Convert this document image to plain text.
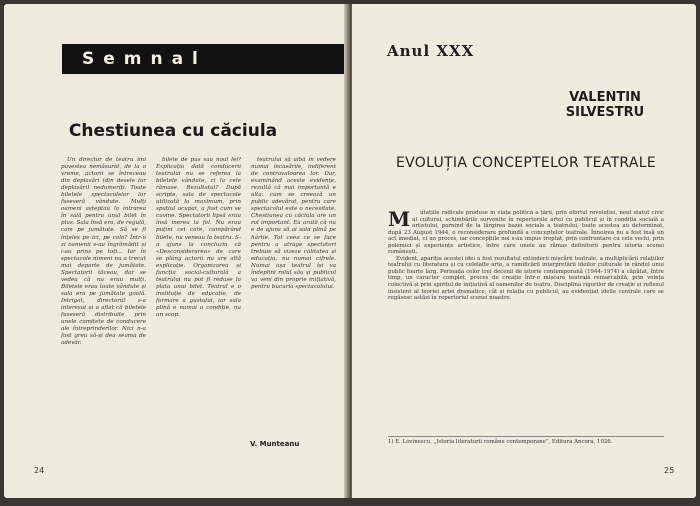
Semnal
Chestiunea cu căciula

Un director de teatru îmi povestea nemăsurat, de la o vreme, actorii se întreceau din deplasări (din desele lor deplasări) nedumeriți. Toate biletele spectacolelor lor fuseseră vândute. Mulți oameni așteptau la intrarea în sală pentru unul bilet în plus. Sala însă era, de regulă, cam pe jumătate. Să se fi înțeles pe ici, pe colo? Într-o zi oamenii s-au îngrămădit și i-au prins pe toți... Iar în spectacole nimeni nu a trecut mai departe de jumătate. Spectatorii tăceau, dar se vedea că nu erau mulți. Biletele erau toate vândute și sala era pe jumătate goală. Intrigat, directorul s-a interesat și a aflat că biletele fuseseră distribuite prin unele comitete de conducere ale întreprinderilor. Nici n-a fost greu să-și dea seama de adevăr.

bilete de pus sau noul lei? Explicația dată conducerii teatrului nu se referea la biletele vândute, ci la cele rămase. Rezultatul? După scripte, sala de spectacole utilizată la maximum, prin spațiul ocupat, a fost cum se cuvine. Spectatorii lipsă erau însă mereu la fel. Nu erau puțini cei care, cumpărând bilete, nu veneau la teatru. S-a ajuns la concluzia că «Desconsiderarea» de care se plâng actorii nu are altă explicație. Organizarea și funcția social-culturală a teatrului nu pot fi reduse la plata unui bilet. Teatrul e o instituție de educație, de formare a gustului, iar sala plină e numai o condiție, nu un scop.

teatrului să aibă în vedere numai încasările, indiferent de contravaloarea lor. Dar, examinând aceste evidențe, rezultă că mai importantă e alta: cum se creează un public adevărat, pentru care spectacolul este o necesitate. Chestiunea cu căciula are un rol important. Ea arată că nu e de ajuns să ai sala plină pe hârtie. Tot ceea ce se face pentru a atrage spectatori trebuie să vizeze calitatea și educația, nu numai cifrele. Numai așa teatrul își va îndeplini rolul său și publicul va veni din proprie inițiativă, pentru bucuria spectacolului.

V. Munteanu
24
Anul XXX
VALENTIN
SILVESTRU
EVOLUȚIA CONCEPTELOR TEATRALE
M	utațiile radicale produse în viața politică a țării, prin efortul revoluției, noul statut civic al cultural, schimbările survenite în repertoriile artei cu publicul și în condiția socială a artistului, pornind de la lărgirea bazei sociale a teatrului, toate acestea au determinat, după 23 August 1944, o reconsiderare profundă a conceptelor teatrale. Înnoirea nu a fost însă un act imediat, ci un proces, iar concepțiile noi s-au impus treptat, prin confruntare cu cele vechi, prin polemici și experiențe artistice, între care unele au rămas definitorii pentru istoria scenei românești.

Evident, apariția acestei idei a fost rezultatul extinderii mișcării teatrale, a multiplicării relațiilor teatrului cu literatura și cu celelalte arte, a ramificării interpretării ideilor culturale în rândul unui public foarte larg. Perioada celor trei decenii de istorie contemporană (1944–1974) a căpătat, între timp, un caracter complet, proces de creație într-o mișcare teatrală remarcabilă, prin voința colectivă și prin spiritul de inițiativă al oamenilor de teatru. Disciplina rigorilor de creație și reflexul insistent al teoriei artei dramatice, cât și relația cu publicul, au evidențiat ideile centrale care se regăsesc astăzi în repertoriul scenei noastre.

1) E. Lovinescu, „Istoria literaturii române contemporane”, Editura Ancora, 1926.
25
